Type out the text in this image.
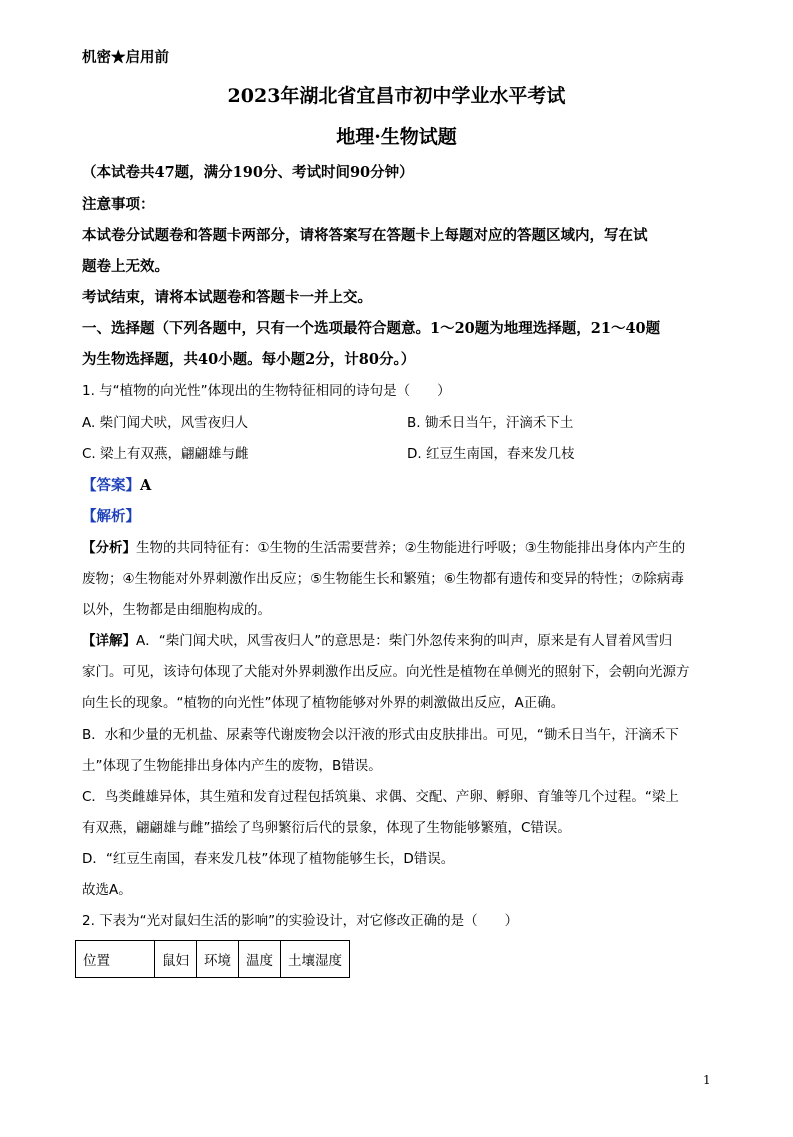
机密★启用前
2023年湖北省宜昌市初中学业水平考试
地理·生物试题
（本试卷共47题，满分190分、考试时间90分钟）
注意事项：
本试卷分试题卷和答题卡两部分，请将答案写在答题卡上每题对应的答题区域内，写在试
题卷上无效。
考试结束，请将本试题卷和答题卡一并上交。
一、选择题（下列各题中，只有一个选项最符合题意。1～20题为地理选择题，21～40题
为生物选择题，共40小题。每小题2分，计80分。）
1. 与“植物的向光性”体现出的生物特征相同的诗句是（　　）
A. 柴门闻犬吠，风雪夜归人	B. 锄禾日当午，汗滴禾下土
C. 梁上有双燕，翩翩雄与雌	D. 红豆生南国，春来发几枝
【答案】A
【解析】
【分析】生物的共同特征有：①生物的生活需要营养；②生物能进行呼吸；③生物能排出身体内产生的
废物；④生物能对外界刺激作出反应；⑤生物能生长和繁殖；⑥生物都有遗传和变异的特性；⑦除病毒
以外，生物都是由细胞构成的。
【详解】A．“柴门闻犬吠，风雪夜归人”的意思是：柴门外忽传来狗的叫声，原来是有人冒着风雪归
家门。可见，该诗句体现了犬能对外界刺激作出反应。向光性是植物在单侧光的照射下，会朝向光源方
向生长的现象。“植物的向光性”体现了植物能够对外界的刺激做出反应，A正确。
B．水和少量的无机盐、尿素等代谢废物会以汗液的形式由皮肤排出。可见，“锄禾日当午，汗滴禾下
土”体现了生物能排出身体内产生的废物，B错误。
C．鸟类雌雄异体，其生殖和发育过程包括筑巢、求偶、交配、产卵、孵卵、育雏等几个过程。“梁上
有双燕，翩翩雄与雌”描绘了鸟卵繁衍后代的景象，体现了生物能够繁殖，C错误。
D．“红豆生南国，春来发几枝”体现了植物能够生长，D错误。
故选A。
2. 下表为“光对鼠妇生活的影响”的实验设计，对它修改正确的是（　　）
位置	鼠妇	环境	温度	土壤湿度
1
